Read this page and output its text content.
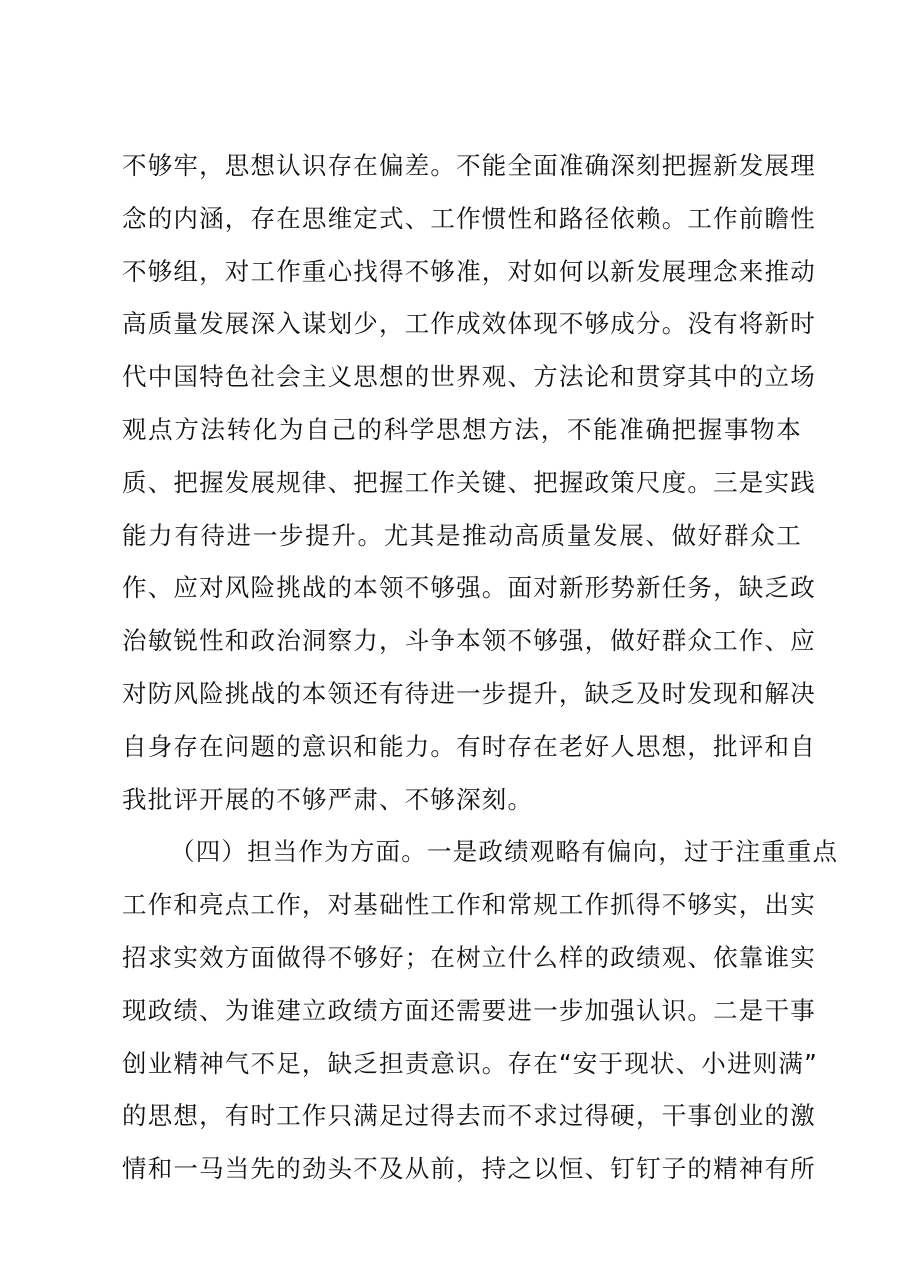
不够牢，思想认识存在偏差。不能全面准确深刻把握新发展理
念的内涵，存在思维定式、工作惯性和路径依赖。工作前瞻性
不够组，对工作重心找得不够准，对如何以新发展理念来推动
高质量发展深入谋划少，工作成效体现不够成分。没有将新时
代中国特色社会主义思想的世界观、方法论和贯穿其中的立场
观点方法转化为自己的科学思想方法，不能准确把握事物本
质、把握发展规律、把握工作关键、把握政策尺度。三是实践
能力有待进一步提升。尤其是推动高质量发展、做好群众工
作、应对风险挑战的本领不够强。面对新形势新任务，缺乏政
治敏锐性和政治洞察力，斗争本领不够强，做好群众工作、应
对防风险挑战的本领还有待进一步提升，缺乏及时发现和解决
自身存在问题的意识和能力。有时存在老好人思想，批评和自
我批评开展的不够严肃、不够深刻。
（四）担当作为方面。一是政绩观略有偏向，过于注重重点
工作和亮点工作，对基础性工作和常规工作抓得不够实，出实
招求实效方面做得不够好；在树立什么样的政绩观、依靠谁实
现政绩、为谁建立政绩方面还需要进一步加强认识。二是干事
创业精神气不足，缺乏担责意识。存在“安于现状、小进则满”
的思想，有时工作只满足过得去而不求过得硬，干事创业的激
情和一马当先的劲头不及从前，持之以恒、钉钉子的精神有所
